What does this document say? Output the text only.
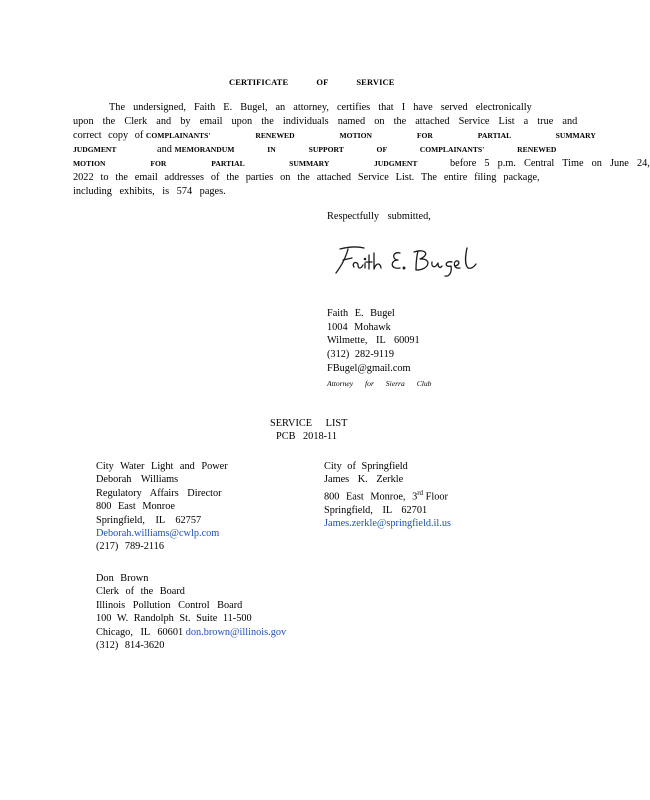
CERTIFICATE OF SERVICE
The undersigned, Faith E. Bugel, an attorney, certifies that I have served electronically
upon the Clerk and by email upon the individuals named on the attached Service List a true and
correct copy of COMPLAINANTS' RENEWED MOTION FOR PARTIAL SUMMARY
JUDGMENT	and MEMORANDUM IN SUPPORT OF COMPLAINANTS' RENEWED
MOTION FOR PARTIAL SUMMARY JUDGMENT	before 5 p.m. Central Time on June 24,
2022 to the email addresses of the parties on the attached Service List. The entire filing package,
including exhibits, is 574 pages.
Respectfully submitted,
Faith E. Bugel
1004 Mohawk
Wilmette, IL 60091
(312) 282-9119
FBugel@gmail.com
Attorney for Sierra Club
SERVICE LIST
PCB 2018-11
City Water Light and Power
Deborah Williams
Regulatory Affairs Director
800 East Monroe
Springfield, IL 62757
Deborah.williams@cwlp.com
(217) 789-2116
City of Springfield
James K. Zerkle
800 East Monroe, 3rd Floor
Springfield, IL 62701
James.zerkle@springfield.il.us
Don Brown
Clerk of the Board
Illinois Pollution Control Board
100 W. Randolph St. Suite 11-500
Chicago, IL 60601 don.brown@illinois.gov
(312) 814-3620
